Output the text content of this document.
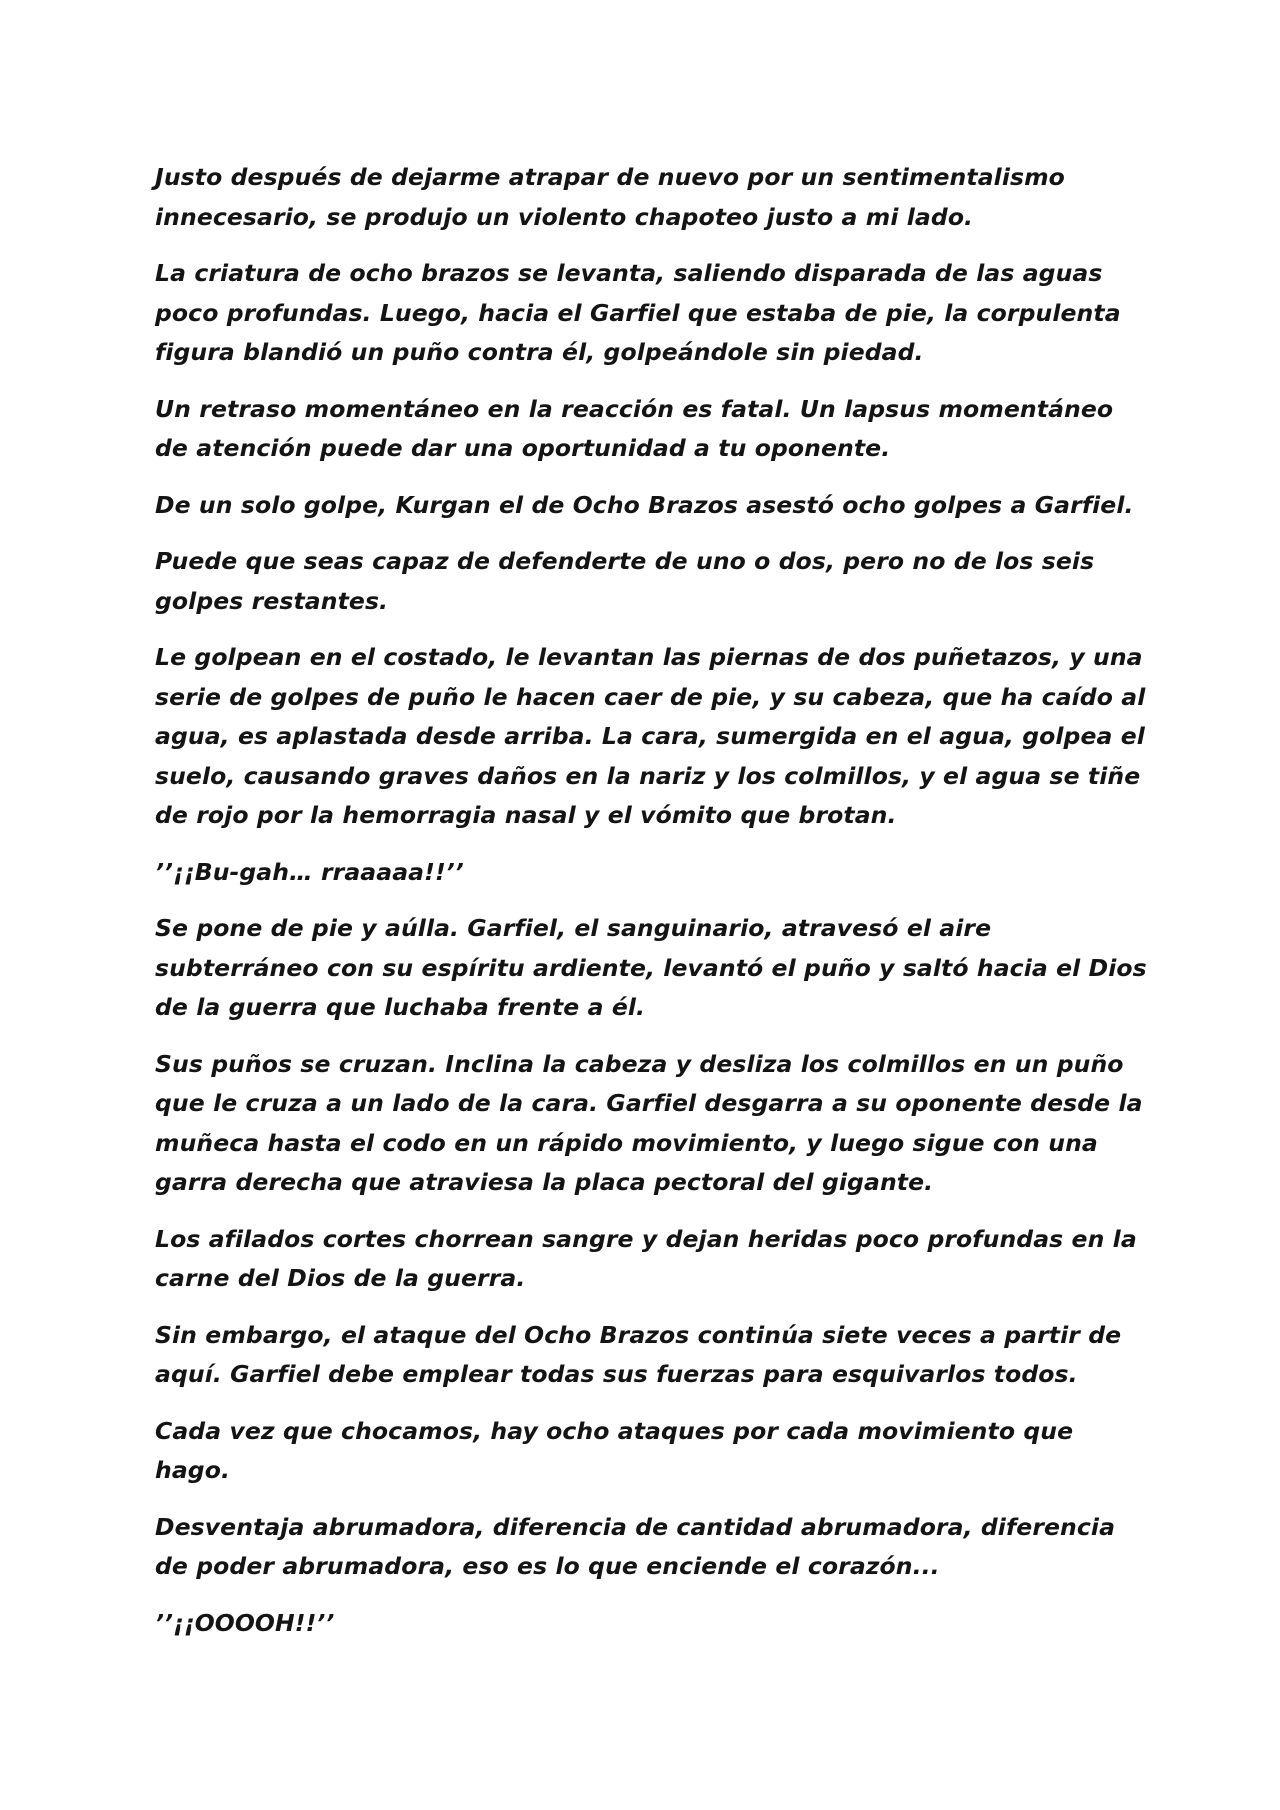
Justo después de dejarme atrapar de nuevo por un sentimentalismo innecesario, se produjo un violento chapoteo justo a mi lado.

La criatura de ocho brazos se levanta, saliendo disparada de las aguas poco profundas. Luego, hacia el Garfiel que estaba de pie, la corpulenta figura blandió un puño contra él, golpeándole sin piedad.

Un retraso momentáneo en la reacción es fatal. Un lapsus momentáneo de atención puede dar una oportunidad a tu oponente.

De un solo golpe, Kurgan el de Ocho Brazos asestó ocho golpes a Garfiel.

Puede que seas capaz de defenderte de uno o dos, pero no de los seis golpes restantes.

Le golpean en el costado, le levantan las piernas de dos puñetazos, y una serie de golpes de puño le hacen caer de pie, y su cabeza, que ha caído al agua, es aplastada desde arriba. La cara, sumergida en el agua, golpea el suelo, causando graves daños en la nariz y los colmillos, y el agua se tiñe de rojo por la hemorragia nasal y el vómito que brotan.

’’¡¡Bu-gah… rraaaaa!!’’

Se pone de pie y aúlla. Garfiel, el sanguinario, atravesó el aire subterráneo con su espíritu ardiente, levantó el puño y saltó hacia el Dios de la guerra que luchaba frente a él.

Sus puños se cruzan. Inclina la cabeza y desliza los colmillos en un puño que le cruza a un lado de la cara. Garfiel desgarra a su oponente desde la muñeca hasta el codo en un rápido movimiento, y luego sigue con una garra derecha que atraviesa la placa pectoral del gigante.

Los afilados cortes chorrean sangre y dejan heridas poco profundas en la carne del Dios de la guerra.

Sin embargo, el ataque del Ocho Brazos continúa siete veces a partir de aquí. Garfiel debe emplear todas sus fuerzas para esquivarlos todos.

Cada vez que chocamos, hay ocho ataques por cada movimiento que hago.

Desventaja abrumadora, diferencia de cantidad abrumadora, diferencia de poder abrumadora, eso es lo que enciende el corazón...

’’¡¡OOOOH!!’’
